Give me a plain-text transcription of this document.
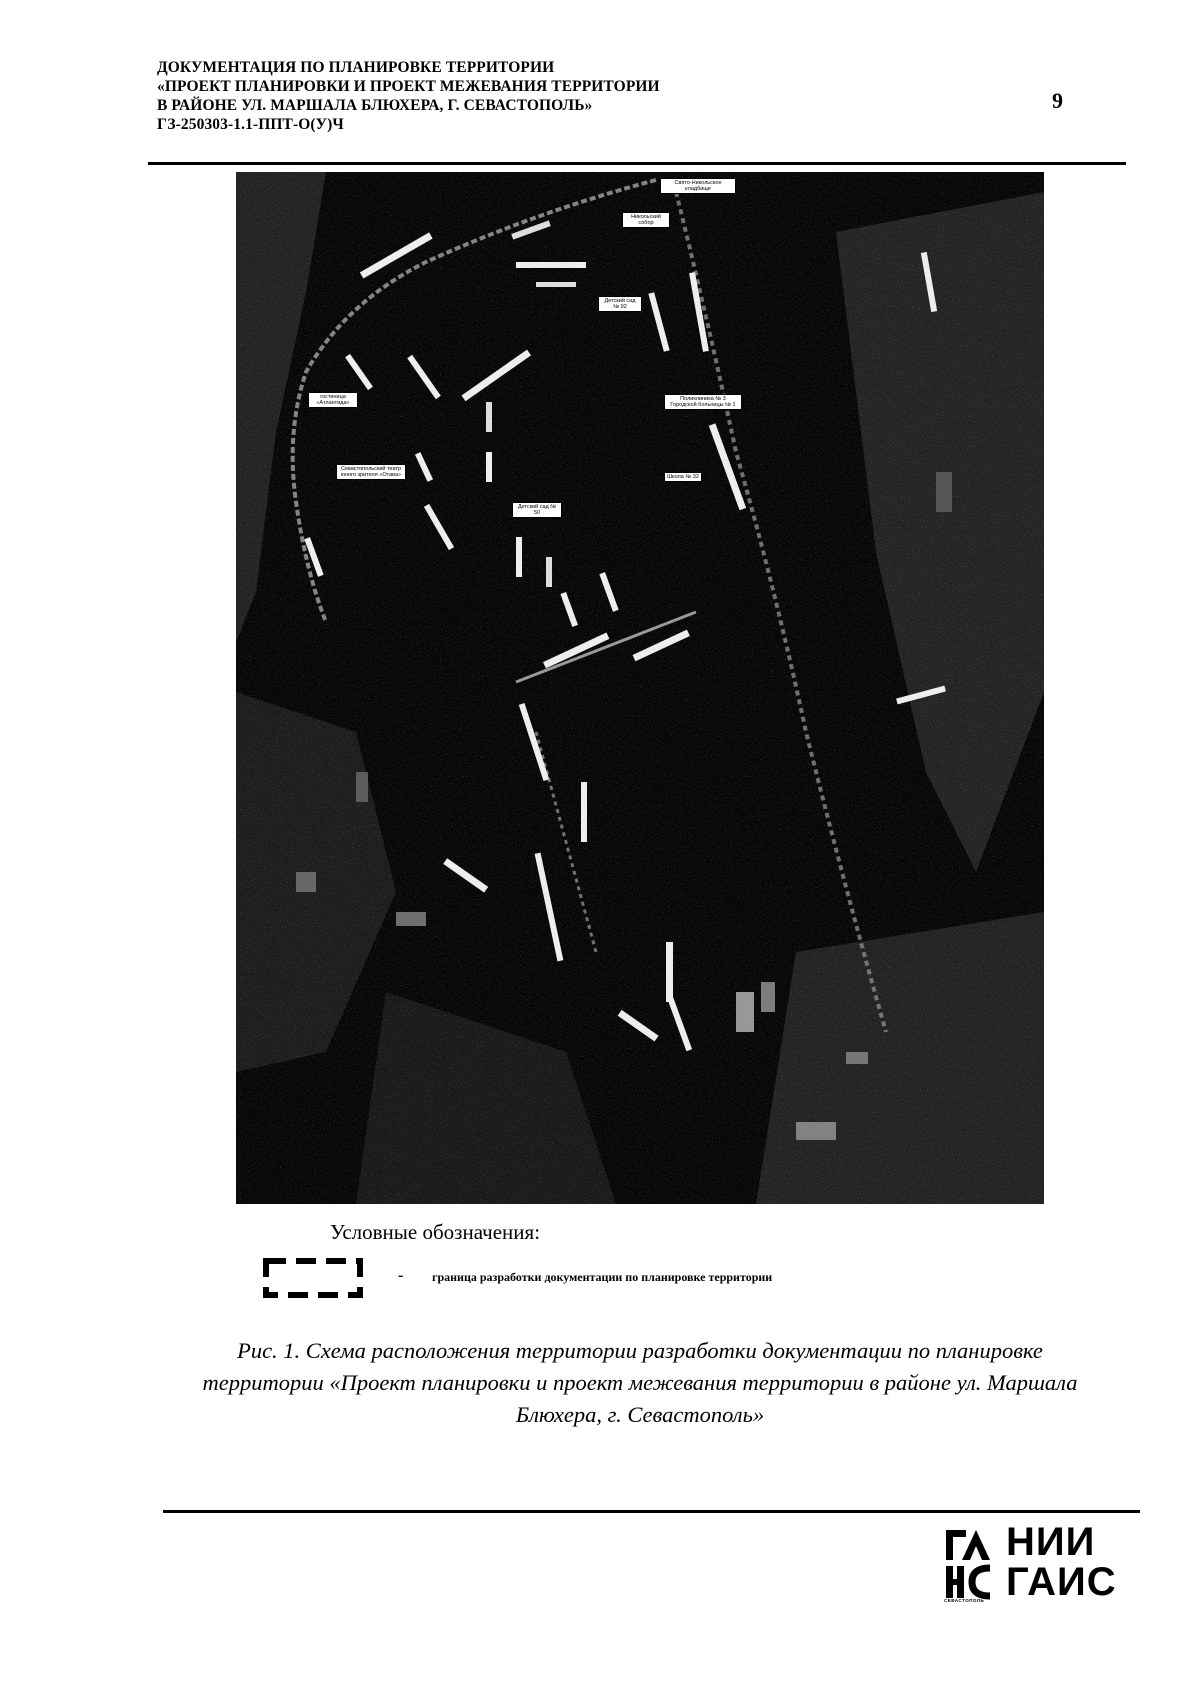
ДОКУМЕНТАЦИЯ ПО ПЛАНИРОВКЕ ТЕРРИТОРИИ
«ПРОЕКТ ПЛАНИРОВКИ И ПРОЕКТ МЕЖЕВАНИЯ ТЕРРИТОРИИ
В РАЙОНЕ УЛ. МАРШАЛА БЛЮХЕРА, Г. СЕВАСТОПОЛЬ»
ГЗ-250303-1.1-ППТ-О(У)Ч
9
Свято-Никольское кладбище
Никольский собор
Детский сад № 92
гостиница «Атлантида»
Поликлиника № 3 Городской больницы № 1
Севастопольский театр юного зрителя «Отава»
Детский сад № 50
Школа № 32
Условные обозначения:
- граница разработки документации по планировке территории
Рис. 1. Схема расположения территории разработки документации по планировке
территории «Проект планировки и проект межевания территории в районе ул. Маршала
Блюхера, г. Севастополь»
НИИ
ГАИС
СЕВАСТОПОЛЬ
